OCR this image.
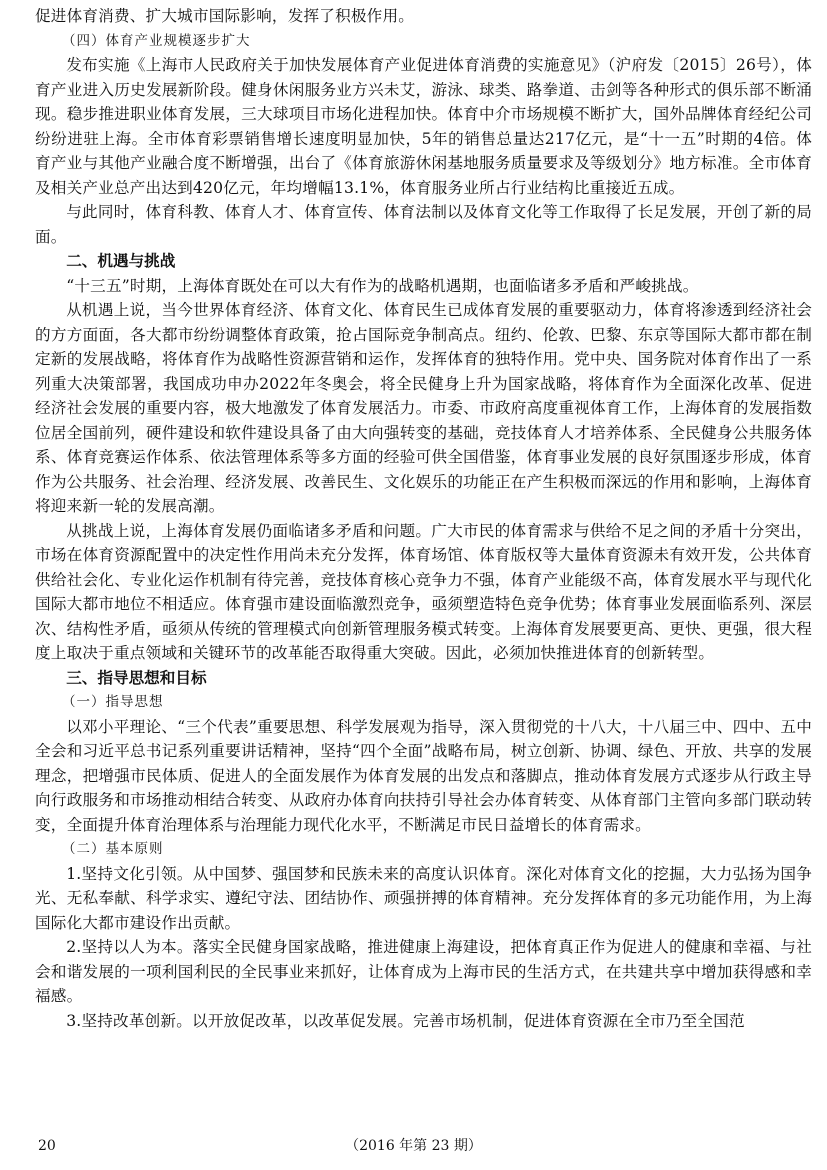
促进体育消费、扩大城市国际影响，发挥了积极作用。

（四）体育产业规模逐步扩大

发布实施《上海市人民政府关于加快发展体育产业促进体育消费的实施意见》（沪府发〔2015〕26号），体育产业进入历史发展新阶段。健身休闲服务业方兴未艾，游泳、球类、路拳道、击剑等各种形式的俱乐部不断涌现。稳步推进职业体育发展，三大球项目市场化进程加快。体育中介市场规模不断扩大，国外品牌体育经纪公司纷纷进驻上海。全市体育彩票销售增长速度明显加快，5年的销售总量达217亿元，是“十一五”时期的4倍。体育产业与其他产业融合度不断增强，出台了《体育旅游休闲基地服务质量要求及等级划分》地方标准。全市体育及相关产业总产出达到420亿元，年均增幅13.1%，体育服务业所占行业结构比重接近五成。

与此同时，体育科教、体育人才、体育宣传、体育法制以及体育文化等工作取得了长足发展，开创了新的局面。

二、机遇与挑战

“十三五”时期，上海体育既处在可以大有作为的战略机遇期，也面临诸多矛盾和严峻挑战。

从机遇上说，当今世界体育经济、体育文化、体育民生已成体育发展的重要驱动力，体育将渗透到经济社会的方方面面，各大都市纷纷调整体育政策，抢占国际竞争制高点。纽约、伦敦、巴黎、东京等国际大都市都在制定新的发展战略，将体育作为战略性资源营销和运作，发挥体育的独特作用。党中央、国务院对体育作出了一系列重大决策部署，我国成功申办2022年冬奥会，将全民健身上升为国家战略，将体育作为全面深化改革、促进经济社会发展的重要内容，极大地激发了体育发展活力。市委、市政府高度重视体育工作，上海体育的发展指数位居全国前列，硬件建设和软件建设具备了由大向强转变的基础，竞技体育人才培养体系、全民健身公共服务体系、体育竞赛运作体系、依法管理体系等多方面的经验可供全国借鉴，体育事业发展的良好氛围逐步形成，体育作为公共服务、社会治理、经济发展、改善民生、文化娱乐的功能正在产生积极而深远的作用和影响，上海体育将迎来新一轮的发展高潮。

从挑战上说，上海体育发展仍面临诸多矛盾和问题。广大市民的体育需求与供给不足之间的矛盾十分突出，市场在体育资源配置中的决定性作用尚未充分发挥，体育场馆、体育版权等大量体育资源未有效开发，公共体育供给社会化、专业化运作机制有待完善，竞技体育核心竞争力不强，体育产业能级不高，体育发展水平与现代化国际大都市地位不相适应。体育强市建设面临激烈竞争，亟须塑造特色竞争优势；体育事业发展面临系列、深层次、结构性矛盾，亟须从传统的管理模式向创新管理服务模式转变。上海体育发展要更高、更快、更强，很大程度上取决于重点领域和关键环节的改革能否取得重大突破。因此，必须加快推进体育的创新转型。

三、指导思想和目标

（一）指导思想

以邓小平理论、“三个代表”重要思想、科学发展观为指导，深入贯彻党的十八大，十八届三中、四中、五中全会和习近平总书记系列重要讲话精神，坚持“四个全面”战略布局，树立创新、协调、绿色、开放、共享的发展理念，把增强市民体质、促进人的全面发展作为体育发展的出发点和落脚点，推动体育发展方式逐步从行政主导向行政服务和市场推动相结合转变、从政府办体育向扶持引导社会办体育转变、从体育部门主管向多部门联动转变，全面提升体育治理体系与治理能力现代化水平，不断满足市民日益增长的体育需求。

（二）基本原则

1.坚持文化引领。从中国梦、强国梦和民族未来的高度认识体育。深化对体育文化的挖掘，大力弘扬为国争光、无私奉献、科学求实、遵纪守法、团结协作、顽强拼搏的体育精神。充分发挥体育的多元功能作用，为上海国际化大都市建设作出贡献。

2.坚持以人为本。落实全民健身国家战略，推进健康上海建设，把体育真正作为促进人的健康和幸福、与社会和谐发展的一项利国利民的全民事业来抓好，让体育成为上海市民的生活方式，在共建共享中增加获得感和幸福感。

3.坚持改革创新。以开放促改革，以改革促发展。完善市场机制，促进体育资源在全市乃至全国范

20	（2016 年第 23 期）
